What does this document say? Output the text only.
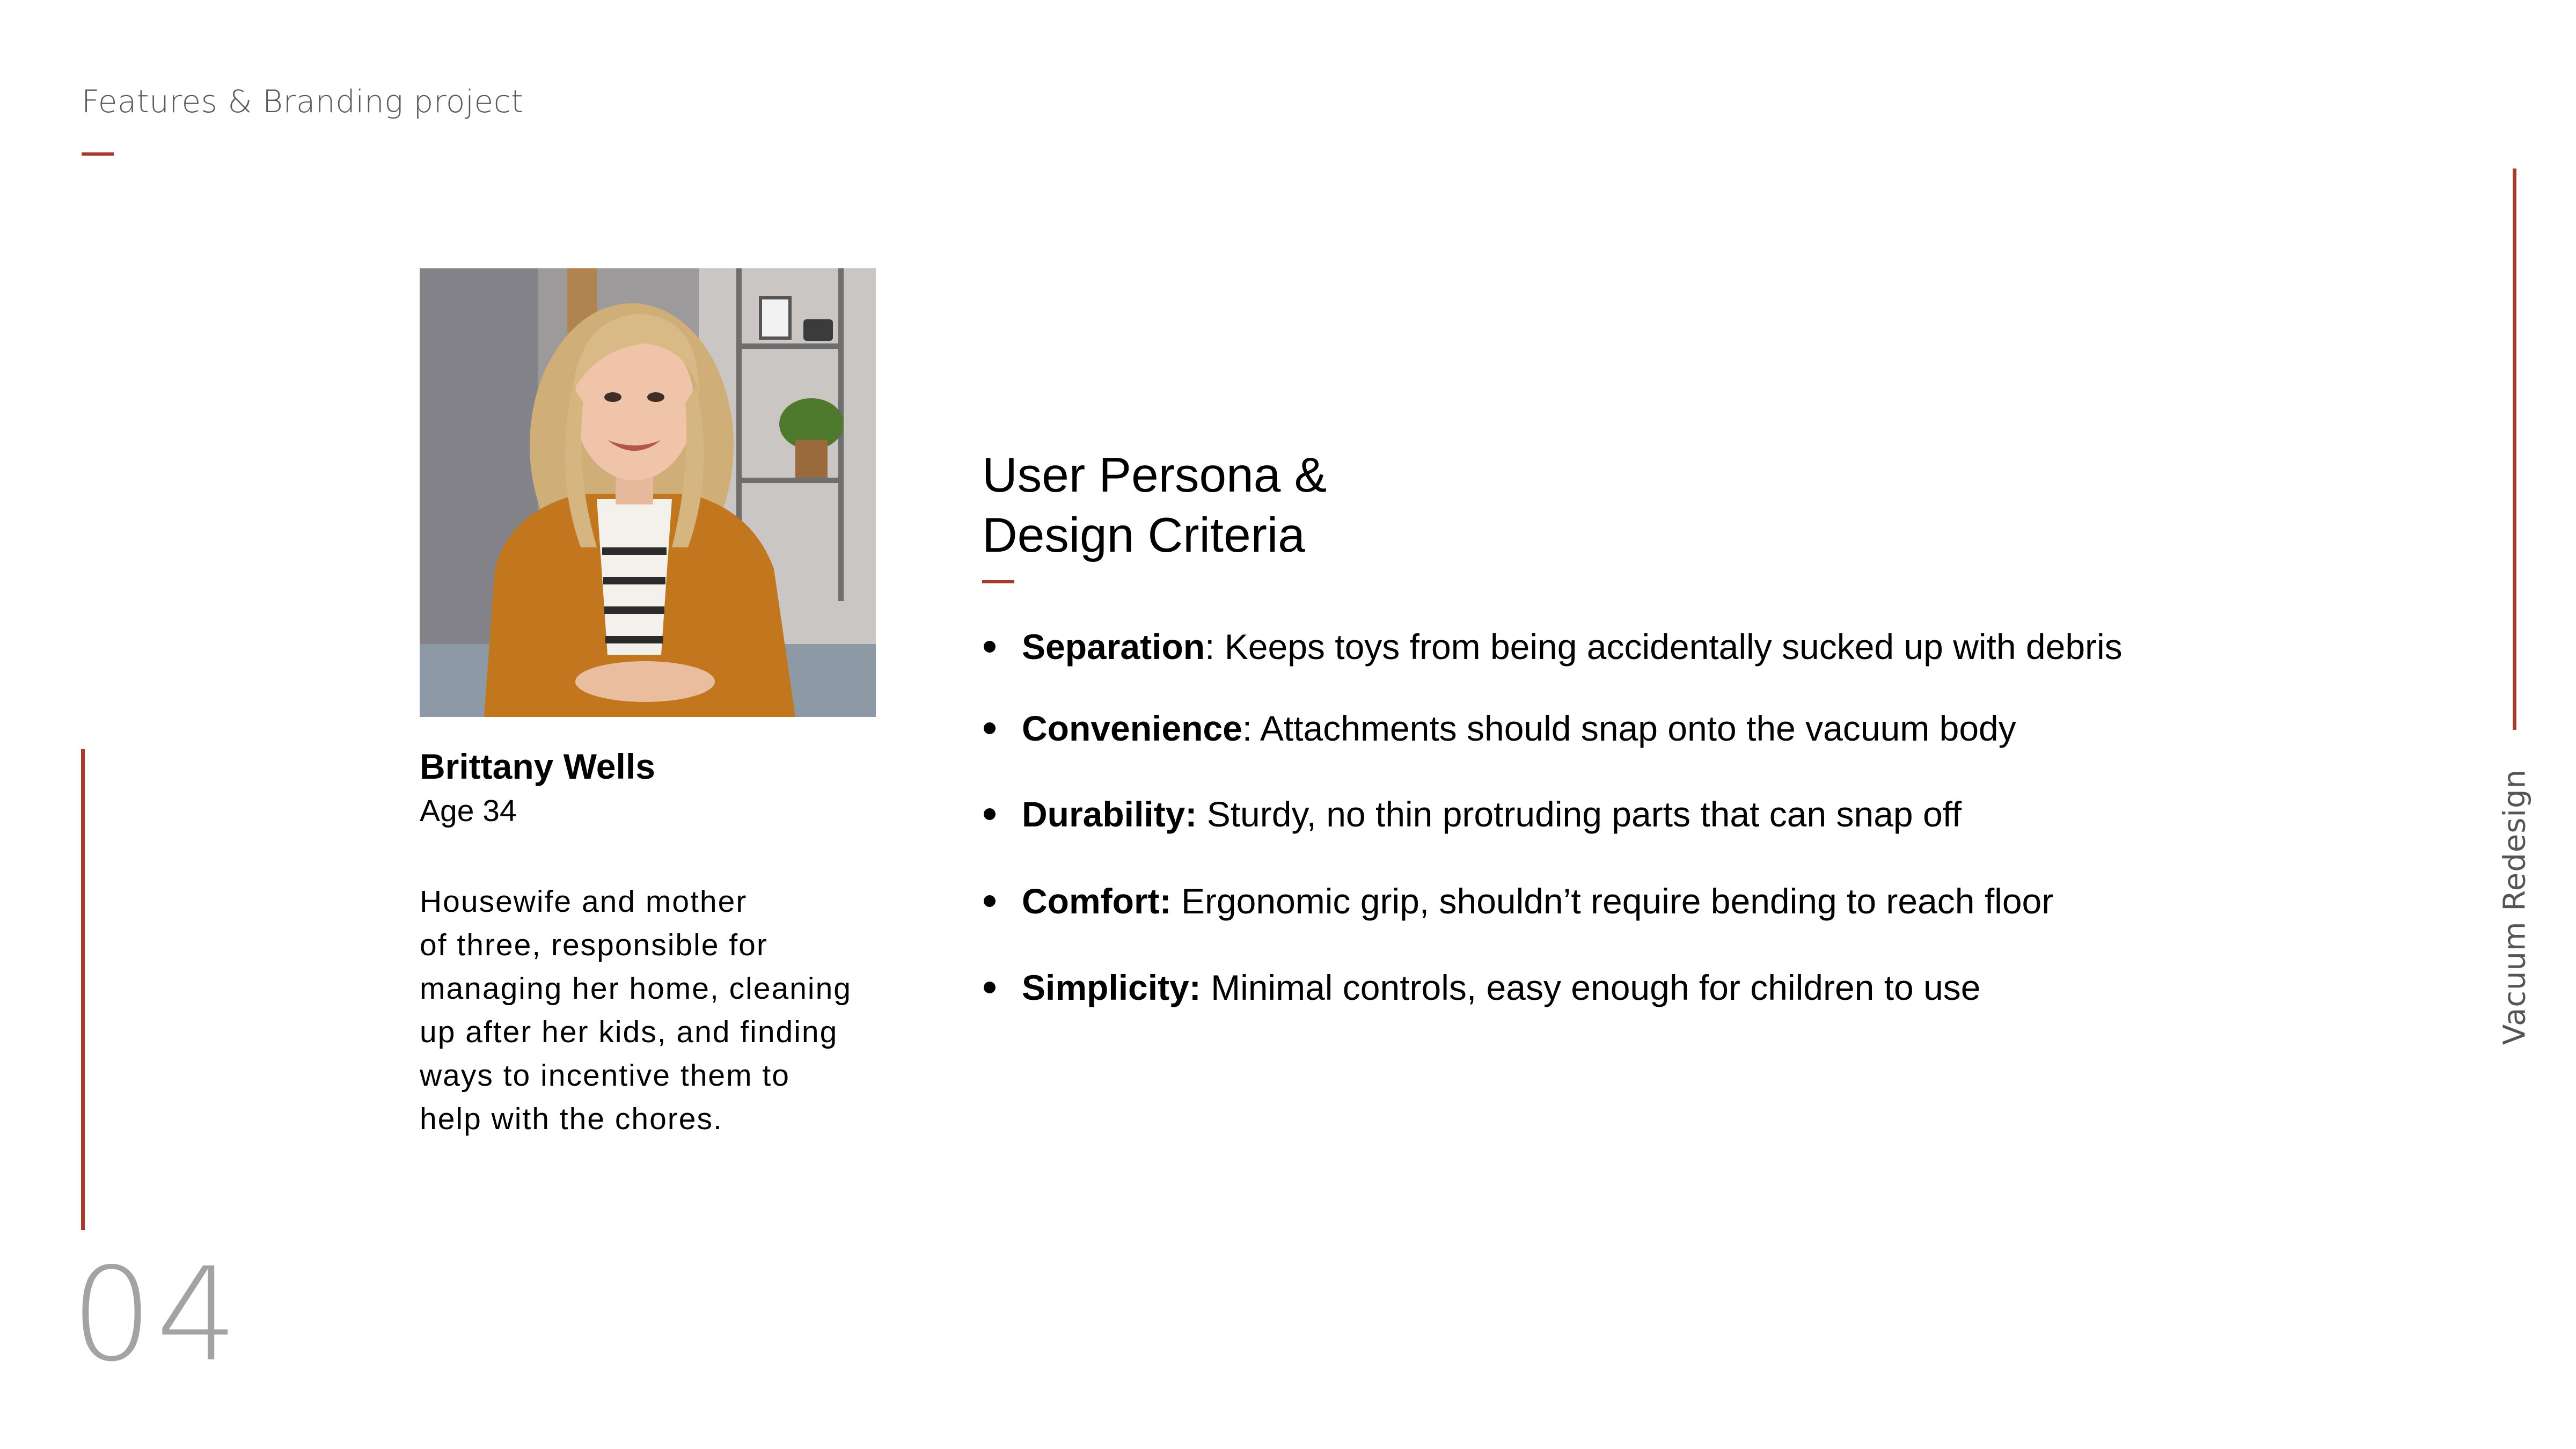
Features & Branding project
04
Vacuum Redesign
Brittany Wells
Age 34
Housewife and mother
of three, responsible for
managing her home, cleaning
up after her kids, and finding
ways to incentive them to
help with the chores.
User Persona &
Design Criteria
Separation: Keeps toys from being accidentally sucked up with debris
Convenience: Attachments should snap onto the vacuum body
Durability: Sturdy, no thin protruding parts that can snap off
Comfort: Ergonomic grip, shouldn’t require bending to reach floor
Simplicity: Minimal controls, easy enough for children to use
